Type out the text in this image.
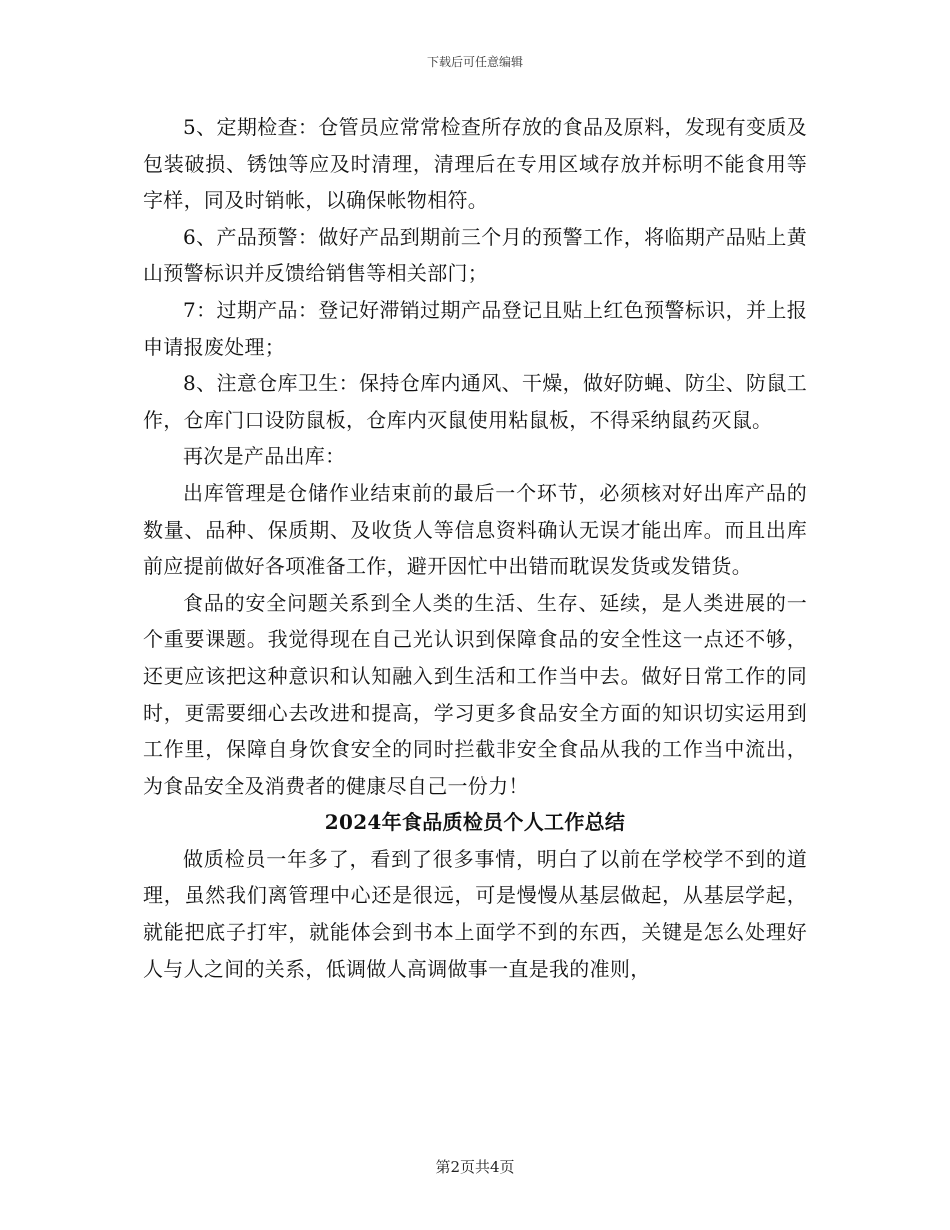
下载后可任意编辑

5、定期检查：仓管员应常常检查所存放的食品及原料，发现有变质及包装破损、锈蚀等应及时清理，清理后在专用区域存放并标明不能食用等字样，同及时销帐，以确保帐物相符。

6、产品预警：做好产品到期前三个月的预警工作，将临期产品贴上黄山预警标识并反馈给销售等相关部门；

7：过期产品：登记好滞销过期产品登记且贴上红色预警标识，并上报申请报废处理；

8、注意仓库卫生：保持仓库内通风、干燥，做好防蝇、防尘、防鼠工作，仓库门口设防鼠板，仓库内灭鼠使用粘鼠板，不得采纳鼠药灭鼠。

再次是产品出库：

出库管理是仓储作业结束前的最后一个环节，必须核对好出库产品的数量、品种、保质期、及收货人等信息资料确认无误才能出库。而且出库前应提前做好各项准备工作，避开因忙中出错而耽误发货或发错货。

食品的安全问题关系到全人类的生活、生存、延续，是人类进展的一个重要课题。我觉得现在自己光认识到保障食品的安全性这一点还不够，还更应该把这种意识和认知融入到生活和工作当中去。做好日常工作的同时，更需要细心去改进和提高，学习更多食品安全方面的知识切实运用到工作里，保障自身饮食安全的同时拦截非安全食品从我的工作当中流出，为食品安全及消费者的健康尽自己一份力！

2024年食品质检员个人工作总结

做质检员一年多了，看到了很多事情，明白了以前在学校学不到的道理，虽然我们离管理中心还是很远，可是慢慢从基层做起，从基层学起，就能把底子打牢，就能体会到书本上面学不到的东西，关键是怎么处理好人与人之间的关系，低调做人高调做事一直是我的准则，

第2页共4页
